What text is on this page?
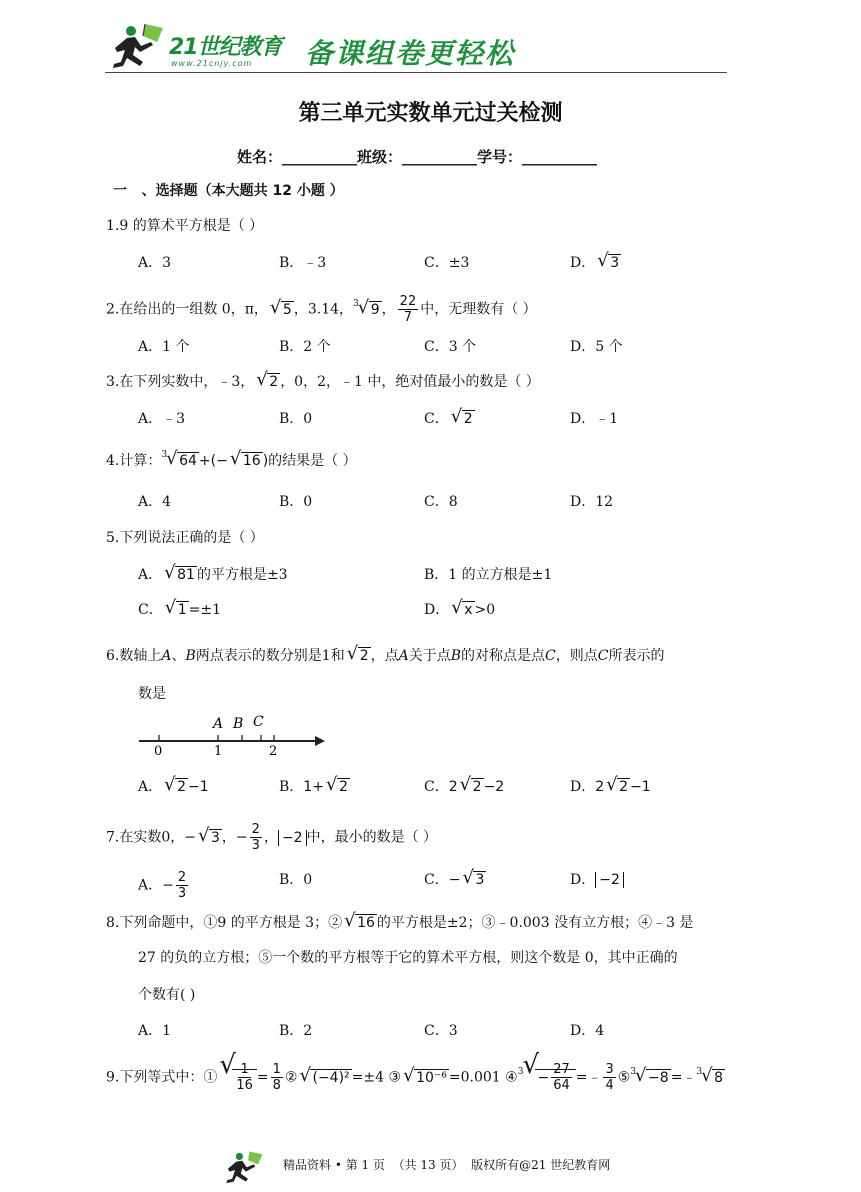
21世纪教育
www.21cnjy.com 备课组卷更轻松
第三单元实数单元过关检测
姓名：__________班级：__________学号：__________
一   、选择题（本大题共 12 小题 ）
1.9 的算术平方根是（ ）
A．3	B．﹣3	C．±3	D． √ 3
2.在给出的一组数 0，π， √ 5 ，3.14，$^3$ √ 9 ， $\frac{22}{7}$ 中，无理数有（ ）
A．1 个	B．2 个	C．3 个	D．5 个
3.在下列实数中，﹣3， √ 2 ，0，2，﹣1 中，绝对值最小的数是（ ）
A．﹣3	B．0	C． √ 2	D．﹣1
4.计算：$^3$ √ 64 +(− √ 16 )的结果是（ ）
A．4	B．0	C．8	D．12
5.下列说法正确的是（ ）
A． √ 81 的平方根是±3	B．1 的立方根是±1
C． √ 1 =±1	D． √ x >0
6.数轴上A、B两点表示的数分别是1和 √ 2 ，点A关于点B的对称点是点C，则点C所表示的
数是
A B C
0	1	2
A． √ 2 −1	B．1+ √ 2	C．2 √ 2 −2	D．2 √ 2 −1
7.在实数0，− √ 3 ，− $\frac{2}{3}$ ， −2 中，最小的数是（ ）
A．− $\frac{2}{3}$	B．0	C．− √ 3	D． −2
8.下列命题中，①9 的平方根是 3；② √ 16 的平方根是±2；③﹣0.003 没有立方根；④﹣3 是
27 的负的立方根；⑤一个数的平方根等于它的算术平方根，则这个数是 0，其中正确的
个数有( )
A．1	B．2	C．3	D．4
9.下列等式中：① √ $\frac{1}{16} = \frac{1}{8}$ ② √ (−4)² =±4 ③ √ 10⁻⁶ =0.001 ④$^3$ √
− $\frac{27}{64}$ =﹣ $\frac{3}{4}$ ⑤$^3$ √ −8 =﹣$^3$ √ 8
精品资料 • 第 1 页  （共 13 页）  版权所有@21 世纪教育网
